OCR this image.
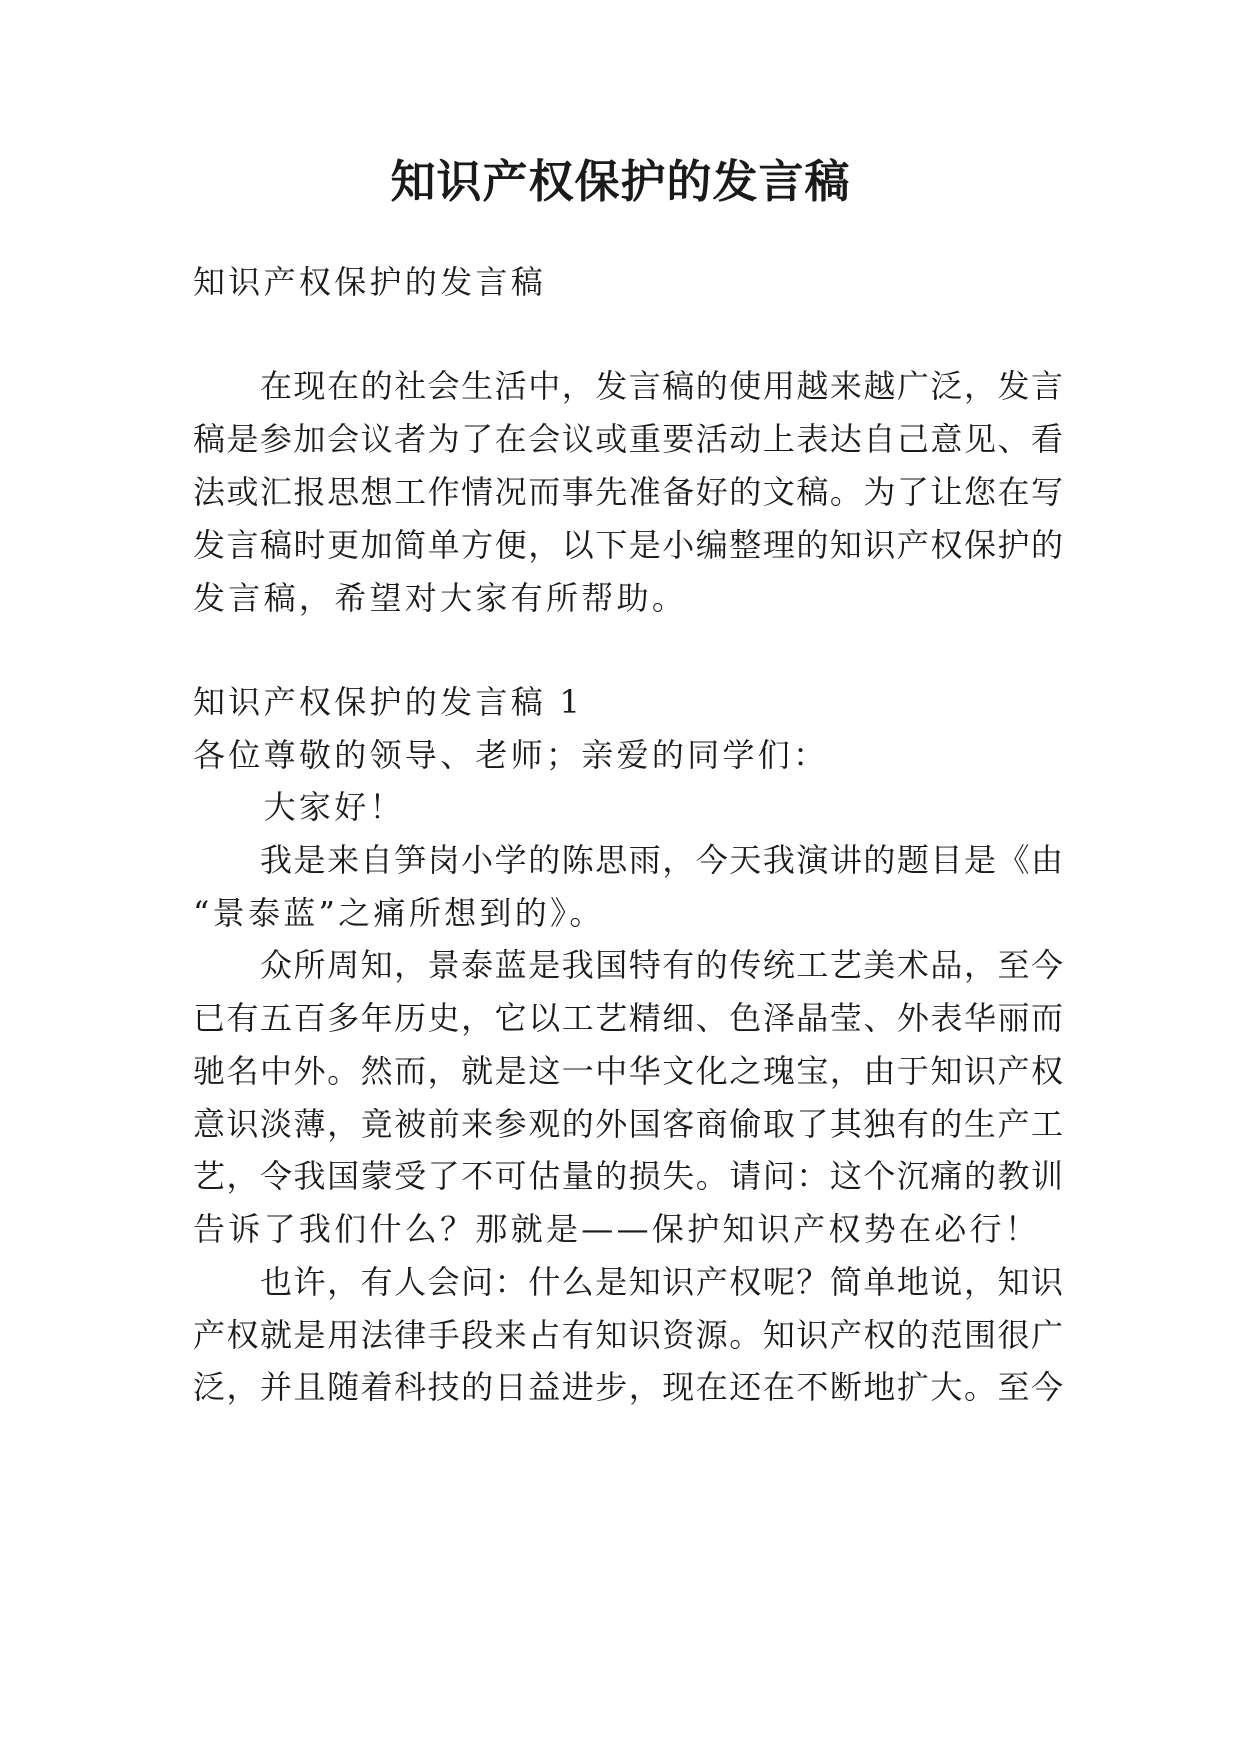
知识产权保护的发言稿
知识产权保护的发言稿
　　在现在的社会生活中，发言稿的使用越来越广泛，发言
稿是参加会议者为了在会议或重要活动上表达自己意见、看
法或汇报思想工作情况而事先准备好的文稿。为了让您在写
发言稿时更加简单方便，以下是小编整理的知识产权保护的
发言稿，希望对大家有所帮助。
知识产权保护的发言稿 1
各位尊敬的领导、老师；亲爱的同学们：
　　大家好！
　　我是来自笋岗小学的陈思雨，今天我演讲的题目是《由
“景泰蓝”之痛所想到的》。
　　众所周知，景泰蓝是我国特有的传统工艺美术品，至今
已有五百多年历史，它以工艺精细、色泽晶莹、外表华丽而
驰名中外。然而，就是这一中华文化之瑰宝，由于知识产权
意识淡薄，竟被前来参观的外国客商偷取了其独有的生产工
艺，令我国蒙受了不可估量的损失。请问：这个沉痛的教训
告诉了我们什么？那就是——保护知识产权势在必行！
　　也许，有人会问：什么是知识产权呢？简单地说，知识
产权就是用法律手段来占有知识资源。知识产权的范围很广
泛，并且随着科技的日益进步，现在还在不断地扩大。至今
